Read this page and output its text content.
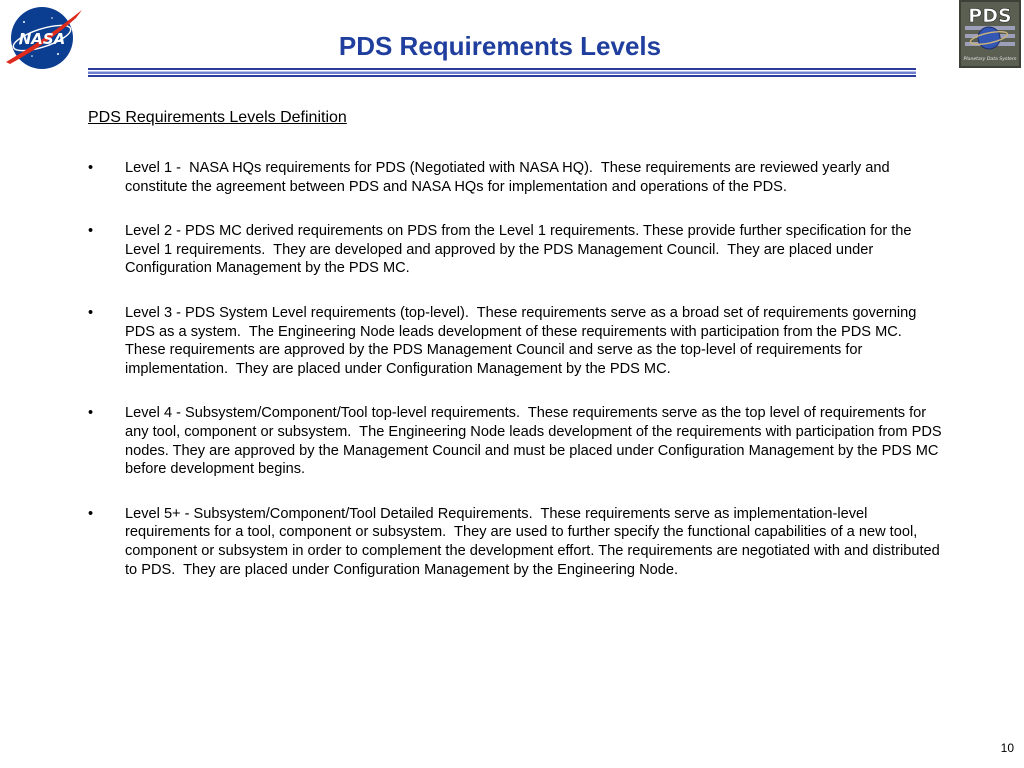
NASA
PDS
Planetary Data System
PDS Requirements Levels

PDS Requirements Levels Definition

• Level 1 -  NASA HQs requirements for PDS (Negotiated with NASA HQ).  These requirements are reviewed yearly and constitute the agreement between PDS and NASA HQs for implementation and operations of the PDS.
• Level 2 - PDS MC derived requirements on PDS from the Level 1 requirements. These provide further specification for the Level 1 requirements.  They are developed and approved by the PDS Management Council.  They are placed under Configuration Management by the PDS MC.
• Level 3 - PDS System Level requirements (top-level).  These requirements serve as a broad set of requirements governing PDS as a system.  The Engineering Node leads development of these requirements with participation from the PDS MC.  These requirements are approved by the PDS Management Council and serve as the top-level of requirements for implementation.  They are placed under Configuration Management by the PDS MC.
• Level 4 - Subsystem/Component/Tool top-level requirements.  These requirements serve as the top level of requirements for any tool, component or subsystem.  The Engineering Node leads development of the requirements with participation from PDS nodes. They are approved by the Management Council and must be placed under Configuration Management by the PDS MC before development begins.
• Level 5+ - Subsystem/Component/Tool Detailed Requirements.  These requirements serve as implementation-level requirements for a tool, component or subsystem.  They are used to further specify the functional capabilities of a new tool, component or subsystem in order to complement the development effort. The requirements are negotiated with and distributed to PDS.  They are placed under Configuration Management by the Engineering Node.
10
